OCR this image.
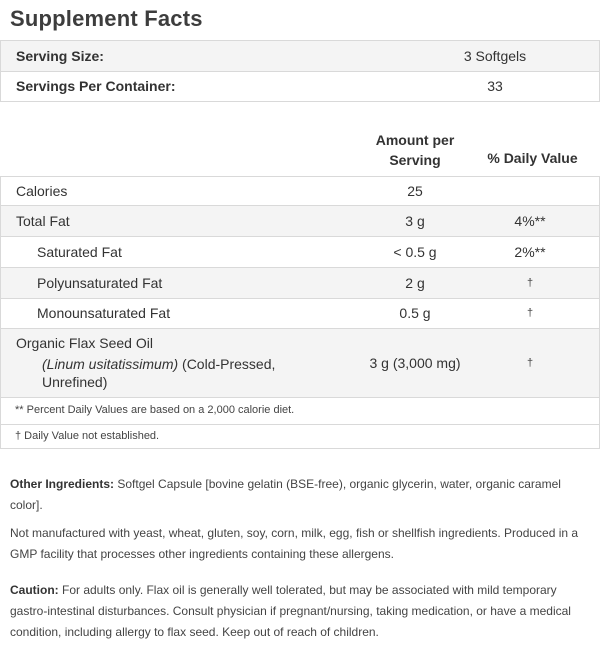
Supplement Facts
Serving Size:	3 Softgels
Servings Per Container:	33
Amount per
Serving	% Daily Value
Calories	25
Total Fat	3 g	4%**
Saturated Fat	< 0.5 g	2%**
Polyunsaturated Fat	2 g	†
Monounsaturated Fat	0.5 g	†
Organic Flax Seed Oil
(Linum usitatissimum) (Cold-Pressed, Unrefined)
3 g (3,000 mg)	†
** Percent Daily Values are based on a 2,000 calorie diet.
† Daily Value not established.
Other Ingredients: Softgel Capsule [bovine gelatin (BSE-free), organic glycerin, water, organic caramel color].
Not manufactured with yeast, wheat, gluten, soy, corn, milk, egg, fish or shellfish ingredients. Produced in a GMP facility that processes other ingredients containing these allergens.
Caution: For adults only. Flax oil is generally well tolerated, but may be associated with mild temporary gastro-intestinal disturbances. Consult physician if pregnant/nursing, taking medication, or have a medical condition, including allergy to flax seed. Keep out of reach of children.
